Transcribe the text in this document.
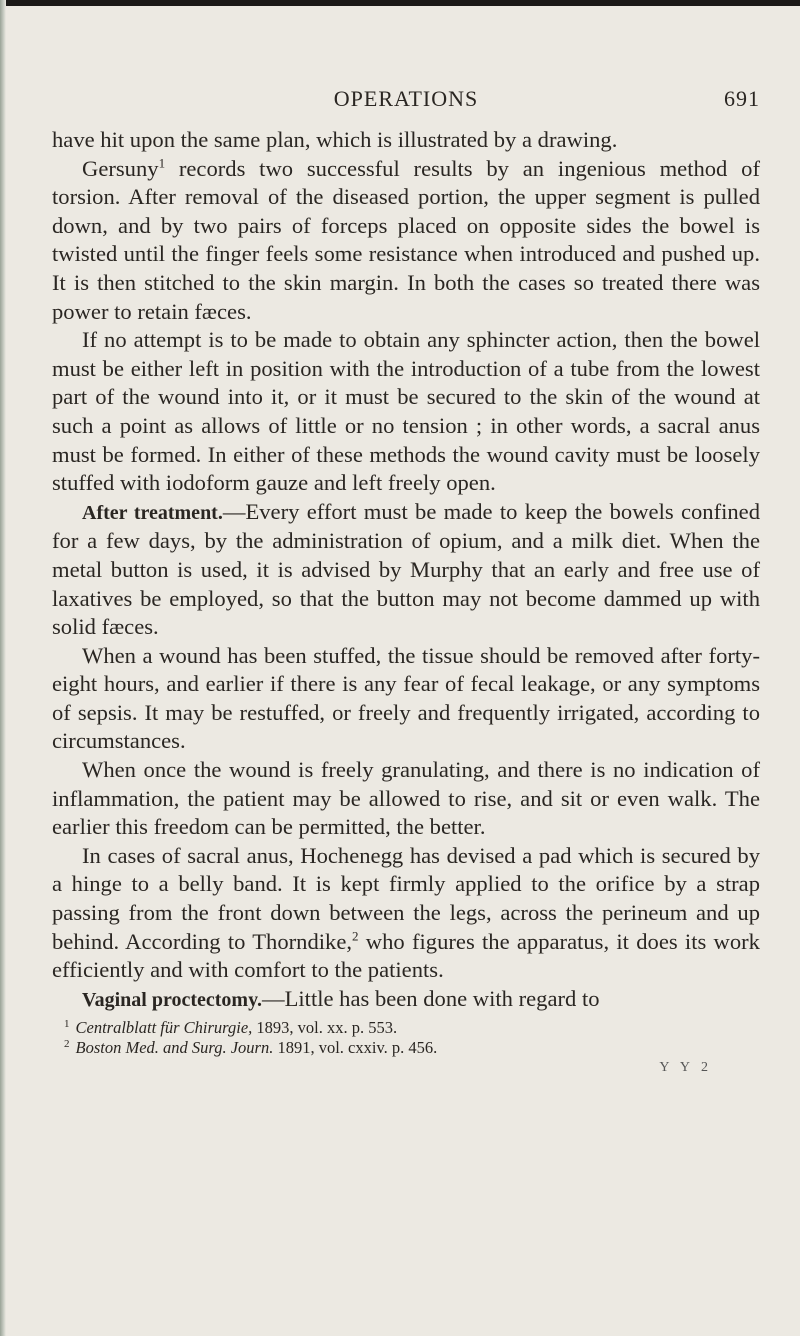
OPERATIONS	691

have hit upon the same plan, which is illustrated by a drawing.

Gersuny$^1$ records two successful results by an ingenious method of torsion. After removal of the diseased portion, the upper segment is pulled down, and by two pairs of forceps placed on opposite sides the bowel is twisted until the finger feels some resistance when introduced and pushed up. It is then stitched to the skin margin. In both the cases so treated there was power to retain fæces.

If no attempt is to be made to obtain any sphincter action, then the bowel must be either left in position with the introduction of a tube from the lowest part of the wound into it, or it must be secured to the skin of the wound at such a point as allows of little or no tension ; in other words, a sacral anus must be formed. In either of these methods the wound cavity must be loosely stuffed with iodoform gauze and left freely open.

After treatment.—Every effort must be made to keep the bowels confined for a few days, by the administration of opium, and a milk diet. When the metal button is used, it is advised by Murphy that an early and free use of laxatives be employed, so that the button may not become dammed up with solid fæces.

When a wound has been stuffed, the tissue should be removed after forty-eight hours, and earlier if there is any fear of fecal leakage, or any symptoms of sepsis. It may be restuffed, or freely and frequently irrigated, according to circumstances.

When once the wound is freely granulating, and there is no indication of inflammation, the patient may be allowed to rise, and sit or even walk. The earlier this freedom can be permitted, the better.

In cases of sacral anus, Hochenegg has devised a pad which is secured by a hinge to a belly band. It is kept firmly applied to the orifice by a strap passing from the front down between the legs, across the perineum and up behind. According to Thorndike,$^2$ who figures the apparatus, it does its work efficiently and with comfort to the patients.

Vaginal proctectomy.—Little has been done with regard to

$^1$ Centralblatt für Chirurgie, 1893, vol. xx. p. 553.

$^2$ Boston Med. and Surg. Journ. 1891, vol. cxxiv. p. 456.

Y Y 2
